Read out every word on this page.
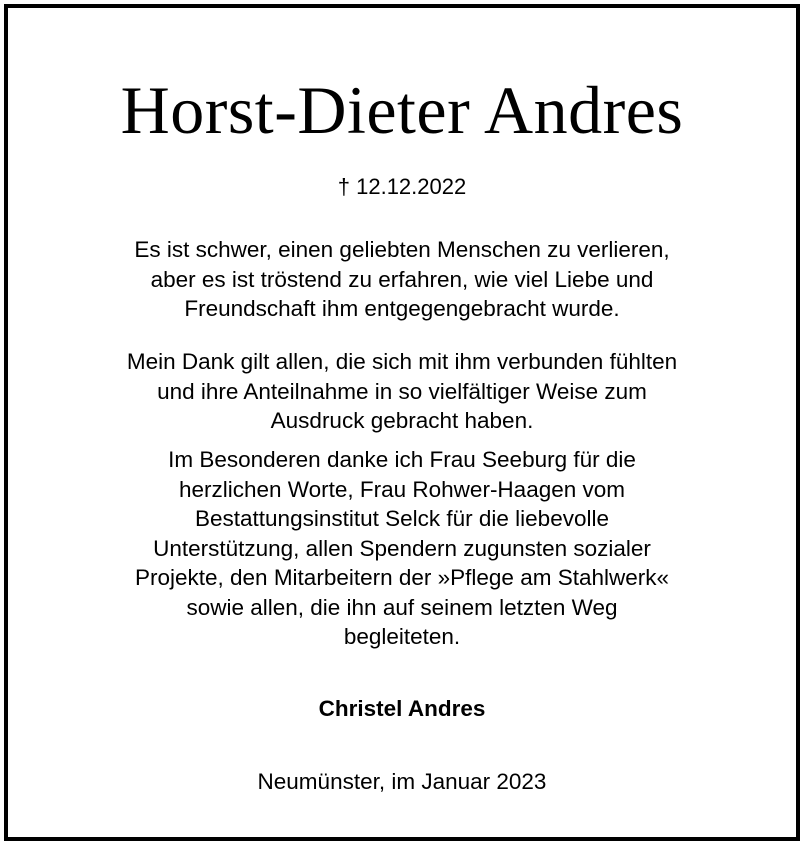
Horst-Dieter Andres
† 12.12.2022
Es ist schwer, einen geliebten Menschen zu verlieren,
aber es ist tröstend zu erfahren, wie viel Liebe und
Freundschaft ihm entgegengebracht wurde.
Mein Dank gilt allen, die sich mit ihm verbunden fühlten
und ihre Anteilnahme in so vielfältiger Weise zum
Ausdruck gebracht haben.
Im Besonderen danke ich Frau Seeburg für die
herzlichen Worte, Frau Rohwer-Haagen vom
Bestattungsinstitut Selck für die liebevolle
Unterstützung, allen Spendern zugunsten sozialer
Projekte, den Mitarbeitern der »Pflege am Stahlwerk«
sowie allen, die ihn auf seinem letzten Weg
begleiteten.
Christel Andres
Neumünster, im Januar 2023
